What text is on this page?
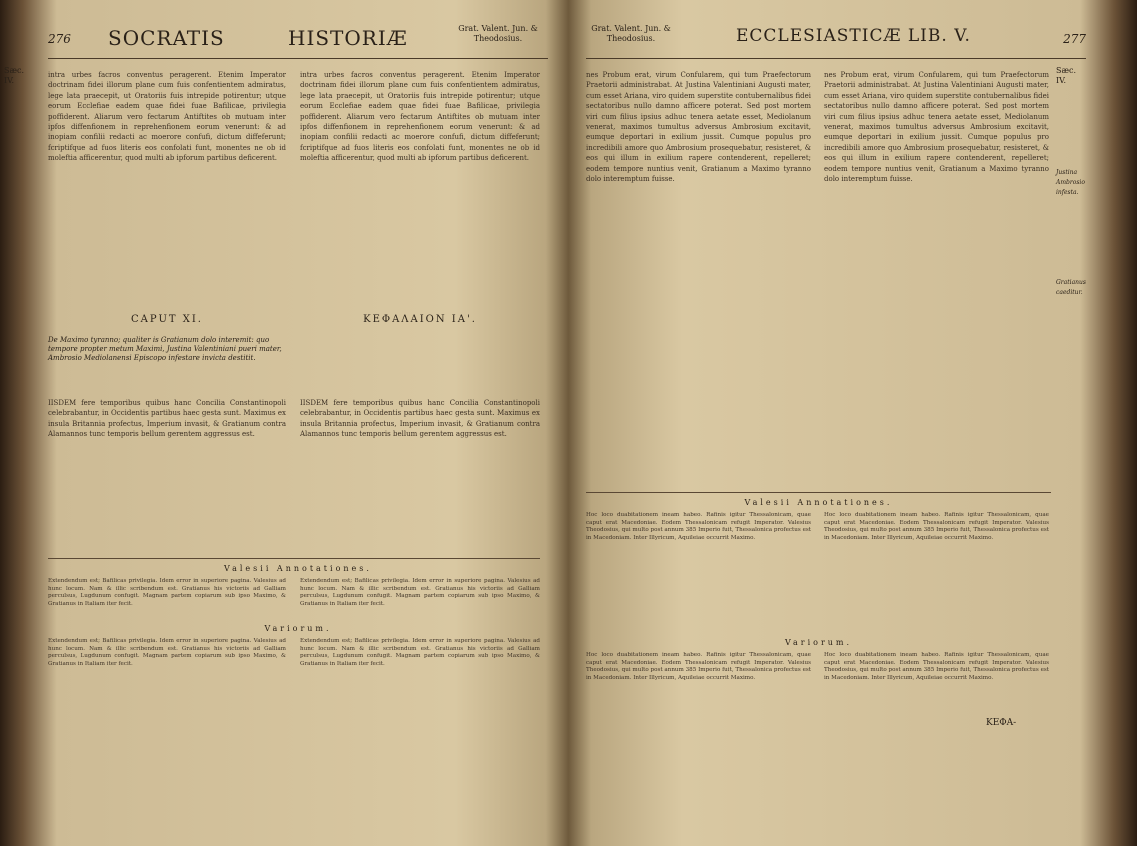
276 SOCRATIS	HISTORIÆ	Grat. Valent. Jun. & Theodosius.
Sæc. IV.
intra urbes facros conventus peragerent. Etenim Imperator doctrinam fidei illorum plane cum fuis confentientem admiratus, lege lata praecepit, ut Oratoriis fuis intrepide potirentur; utque eorum Ecclefiae eadem quae fidei fuae Bafilicae, privilegia poffiderent. Aliarum vero fectarum Antiftites ob mutuam inter ipfos diffenfionem in reprehenfionem eorum venerunt: & ad inopiam confilii redacti ac moerore confufi, dictum diffeferunt; fcriptifque ad fuos literis eos confolati funt, monentes ne ob id moleftia afficerentur, quod multi ab ipforum partibus deficerent.
intra urbes facros conventus peragerent. Etenim Imperator doctrinam fidei illorum plane cum fuis confentientem admiratus, lege lata praecepit, ut Oratoriis fuis intrepide potirentur; utque eorum Ecclefiae eadem quae fidei fuae Bafilicae, privilegia poffiderent. Aliarum vero fectarum Antiftites ob mutuam inter ipfos diffenfionem in reprehenfionem eorum venerunt: & ad inopiam confilii redacti ac moerore confufi, dictum diffeferunt; fcriptifque ad fuos literis eos confolati funt, monentes ne ob id moleftia afficerentur, quod multi ab ipforum partibus deficerent.
CAPUT XI.	ΚΕΦΑΛΑΙΟΝ ΙΑ'.
De Maximo tyranno; qualiter is Gratianum dolo interemit: quo tempore propter metum Maximi, Justina Valentiniani pueri mater, Ambrosio Mediolanensi Episcopo infestare invicta destitit.
IISDEM fere temporibus quibus hanc Concilia Constantinopoli celebrabantur, in Occidentis partibus haec gesta sunt. Maximus ex insula Britannia profectus, Imperium invasit, & Gratianum contra Alamannos tunc temporis bellum gerentem aggressus est.
IISDEM fere temporibus quibus hanc Concilia Constantinopoli celebrabantur, in Occidentis partibus haec gesta sunt. Maximus ex insula Britannia profectus, Imperium invasit, & Gratianum contra Alamannos tunc temporis bellum gerentem aggressus est.
Valesii Annotationes.
Extendendum est; Bafilicas privilegia. Idem error in superiore pagina. Valesius ad hunc locum. Nam & illic scribendum est. Gratianus his victoriis ad Galliam perculsus, Lugdunum confugit. Magnam partem copiarum sub ipso Maximo, & Gratianus in Italiam iter fecit.
Extendendum est; Bafilicas privilegia. Idem error in superiore pagina. Valesius ad hunc locum. Nam & illic scribendum est. Gratianus his victoriis ad Galliam perculsus, Lugdunum confugit. Magnam partem copiarum sub ipso Maximo, & Gratianus in Italiam iter fecit.
Variorum.
Extendendum est; Bafilicas privilegia. Idem error in superiore pagina. Valesius ad hunc locum. Nam & illic scribendum est. Gratianus his victoriis ad Galliam perculsus, Lugdunum confugit. Magnam partem copiarum sub ipso Maximo, & Gratianus in Italiam iter fecit.
Extendendum est; Bafilicas privilegia. Idem error in superiore pagina. Valesius ad hunc locum. Nam & illic scribendum est. Gratianus his victoriis ad Galliam perculsus, Lugdunum confugit. Magnam partem copiarum sub ipso Maximo, & Gratianus in Italiam iter fecit.
Grat. Valent. Jun. & Theodosius.	ECCLESIASTICÆ LIB. V.	277
Sæc. IV.
nes Probum erat, virum Confularem, qui tum Praefectorum Praetorii administrabat. At Justina Valentiniani Augusti mater, cum esset Ariana, viro quidem superstite contubernalibus fidei sectatoribus nullo damno afficere poterat. Sed post mortem viri cum filius ipsius adhuc tenera aetate esset, Mediolanum venerat, maximos tumultus adversus Ambrosium excitavit, eumque deportari in exilium jussit. Cumque populus pro incredibili amore quo Ambrosium prosequebatur, resisteret, & eos qui illum in exilium rapere contenderent, repelleret; eodem tempore nuntius venit, Gratianum a Maximo tyranno dolo interemptum fuisse.
nes Probum erat, virum Confularem, qui tum Praefectorum Praetorii administrabat. At Justina Valentiniani Augusti mater, cum esset Ariana, viro quidem superstite contubernalibus fidei sectatoribus nullo damno afficere poterat. Sed post mortem viri cum filius ipsius adhuc tenera aetate esset, Mediolanum venerat, maximos tumultus adversus Ambrosium excitavit, eumque deportari in exilium jussit. Cumque populus pro incredibili amore quo Ambrosium prosequebatur, resisteret, & eos qui illum in exilium rapere contenderent, repelleret; eodem tempore nuntius venit, Gratianum a Maximo tyranno dolo interemptum fuisse.
Justina Ambrosio infesta.
Gratianus caeditur.
Valesii Annotationes.
Hoc loco duabitationem ineam habeo. Rafinis igitur Thessalonicam, quae caput erat Macedoniae. Eodem Thessalonicam refugit Imperator. Valesius Theodosius, qui multo post annum 385 Imperio fuit, Thessalonica profectus est in Macedoniam. Inter Illyricum, Aquileiae occurrit Maximo.
Hoc loco duabitationem ineam habeo. Rafinis igitur Thessalonicam, quae caput erat Macedoniae. Eodem Thessalonicam refugit Imperator. Valesius Theodosius, qui multo post annum 385 Imperio fuit, Thessalonica profectus est in Macedoniam. Inter Illyricum, Aquileiae occurrit Maximo.
Variorum.
Hoc loco duabitationem ineam habeo. Rafinis igitur Thessalonicam, quae caput erat Macedoniae. Eodem Thessalonicam refugit Imperator. Valesius Theodosius, qui multo post annum 385 Imperio fuit, Thessalonica profectus est in Macedoniam. Inter Illyricum, Aquileiae occurrit Maximo.
Hoc loco duabitationem ineam habeo. Rafinis igitur Thessalonicam, quae caput erat Macedoniae. Eodem Thessalonicam refugit Imperator. Valesius Theodosius, qui multo post annum 385 Imperio fuit, Thessalonica profectus est in Macedoniam. Inter Illyricum, Aquileiae occurrit Maximo.
ΚΕΦΑ-
